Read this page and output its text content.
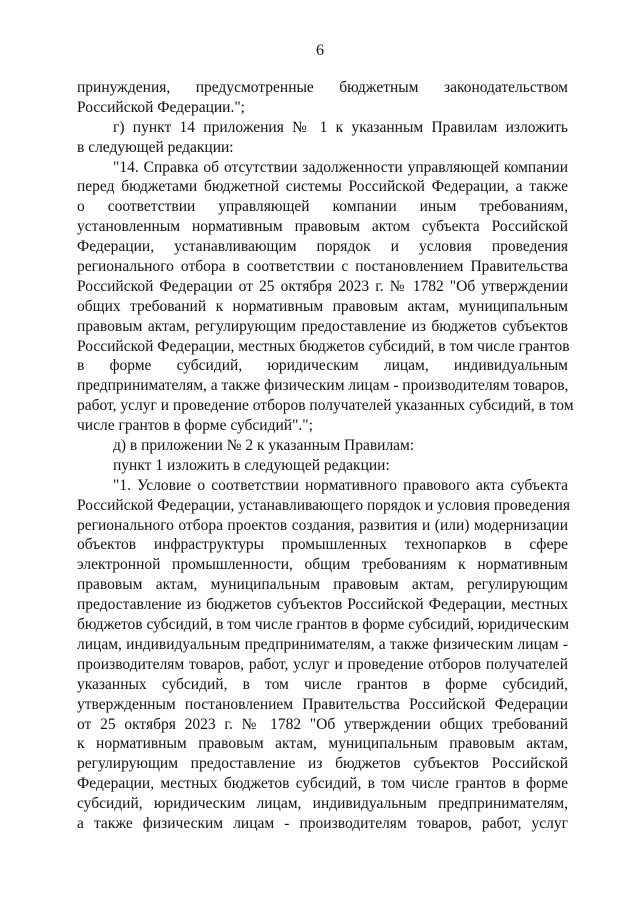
6
принуждения, предусмотренные бюджетным законодательством
Российской Федерации.";
г) пункт 14 приложения № 1 к указанным Правилам изложить
в следующей редакции:
"14. Справка об отсутствии задолженности управляющей компании
перед бюджетами бюджетной системы Российской Федерации, а также
о соответствии управляющей компании иным требованиям,
установленным нормативным правовым актом субъекта Российской
Федерации, устанавливающим порядок и условия проведения
регионального отбора в соответствии с постановлением Правительства
Российской Федерации от 25 октября 2023 г. № 1782 "Об утверждении
общих требований к нормативным правовым актам, муниципальным
правовым актам, регулирующим предоставление из бюджетов субъектов
Российской Федерации, местных бюджетов субсидий, в том числе грантов
в форме субсидий, юридическим лицам, индивидуальным
предпринимателям, а также физическим лицам - производителям товаров,
работ, услуг и проведение отборов получателей указанных субсидий, в том
числе грантов в форме субсидий".";
д) в приложении № 2 к указанным Правилам:
пункт 1 изложить в следующей редакции:
"1. Условие о соответствии нормативного правового акта субъекта
Российской Федерации, устанавливающего порядок и условия проведения
регионального отбора проектов создания, развития и (или) модернизации
объектов инфраструктуры промышленных технопарков в сфере
электронной промышленности, общим требованиям к нормативным
правовым актам, муниципальным правовым актам, регулирующим
предоставление из бюджетов субъектов Российской Федерации, местных
бюджетов субсидий, в том числе грантов в форме субсидий, юридическим
лицам, индивидуальным предпринимателям, а также физическим лицам -
производителям товаров, работ, услуг и проведение отборов получателей
указанных субсидий, в том числе грантов в форме субсидий,
утвержденным постановлением Правительства Российской Федерации
от 25 октября 2023 г. № 1782 "Об утверждении общих требований
к нормативным правовым актам, муниципальным правовым актам,
регулирующим предоставление из бюджетов субъектов Российской
Федерации, местных бюджетов субсидий, в том числе грантов в форме
субсидий, юридическим лицам, индивидуальным предпринимателям,
а также физическим лицам - производителям товаров, работ, услуг
